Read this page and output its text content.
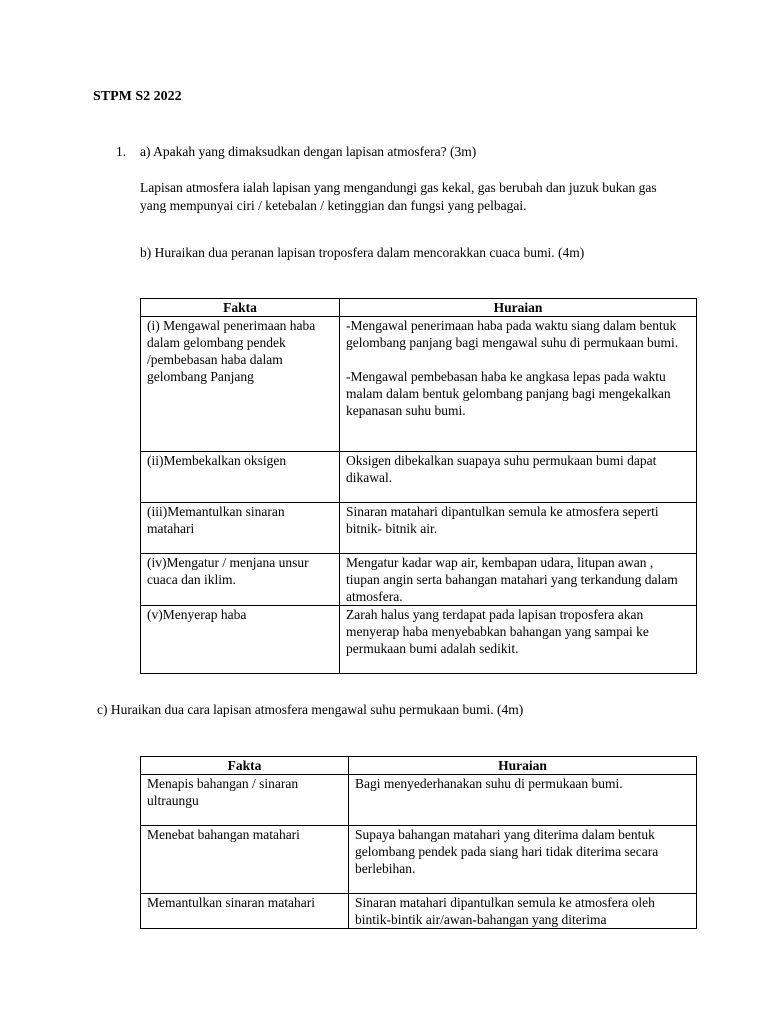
STPM S2 2022
1. a) Apakah yang dimaksudkan dengan lapisan atmosfera? (3m)
Lapisan atmosfera ialah lapisan yang mengandungi gas kekal, gas berubah dan juzuk bukan gas yang mempunyai ciri / ketebalan / ketinggian dan fungsi yang pelbagai.
b) Huraikan dua peranan lapisan troposfera dalam mencorakkan cuaca bumi. (4m)
Fakta	Huraian
(i) Mengawal penerimaan haba dalam gelombang pendek /pembebasan haba dalam gelombang Panjang	-Mengawal penerimaan haba pada waktu siang dalam bentuk gelombang panjang bagi mengawal suhu di permukaan bumi.
-Mengawal pembebasan haba ke angkasa lepas pada waktu malam dalam bentuk gelombang panjang bagi mengekalkan kepanasan suhu bumi.

(ii)Membekalkan oksigen	Oksigen dibekalkan suapaya suhu permukaan bumi dapat dikawal.
(iii)Memantulkan sinaran matahari	Sinaran matahari dipantulkan semula ke atmosfera seperti bitnik- bitnik air.
(iv)Mengatur / menjana unsur cuaca dan iklim.	Mengatur kadar wap air, kembapan udara, litupan awan , tiupan angin serta bahangan matahari yang terkandung dalam atmosfera.
(v)Menyerap haba	Zarah halus yang terdapat pada lapisan troposfera akan menyerap haba menyebabkan bahangan yang sampai ke permukaan bumi adalah sedikit.
c) Huraikan dua cara lapisan atmosfera mengawal suhu permukaan bumi. (4m)
Fakta	Huraian
Menapis bahangan / sinaran ultraungu	Bagi menyederhanakan suhu di permukaan bumi.
Menebat bahangan matahari	Supaya bahangan matahari yang diterima dalam bentuk gelombang pendek pada siang hari tidak diterima secara berlebihan.
Memantulkan sinaran matahari	Sinaran matahari dipantulkan semula ke atmosfera oleh bintik-bintik air/awan-bahangan yang diterima
